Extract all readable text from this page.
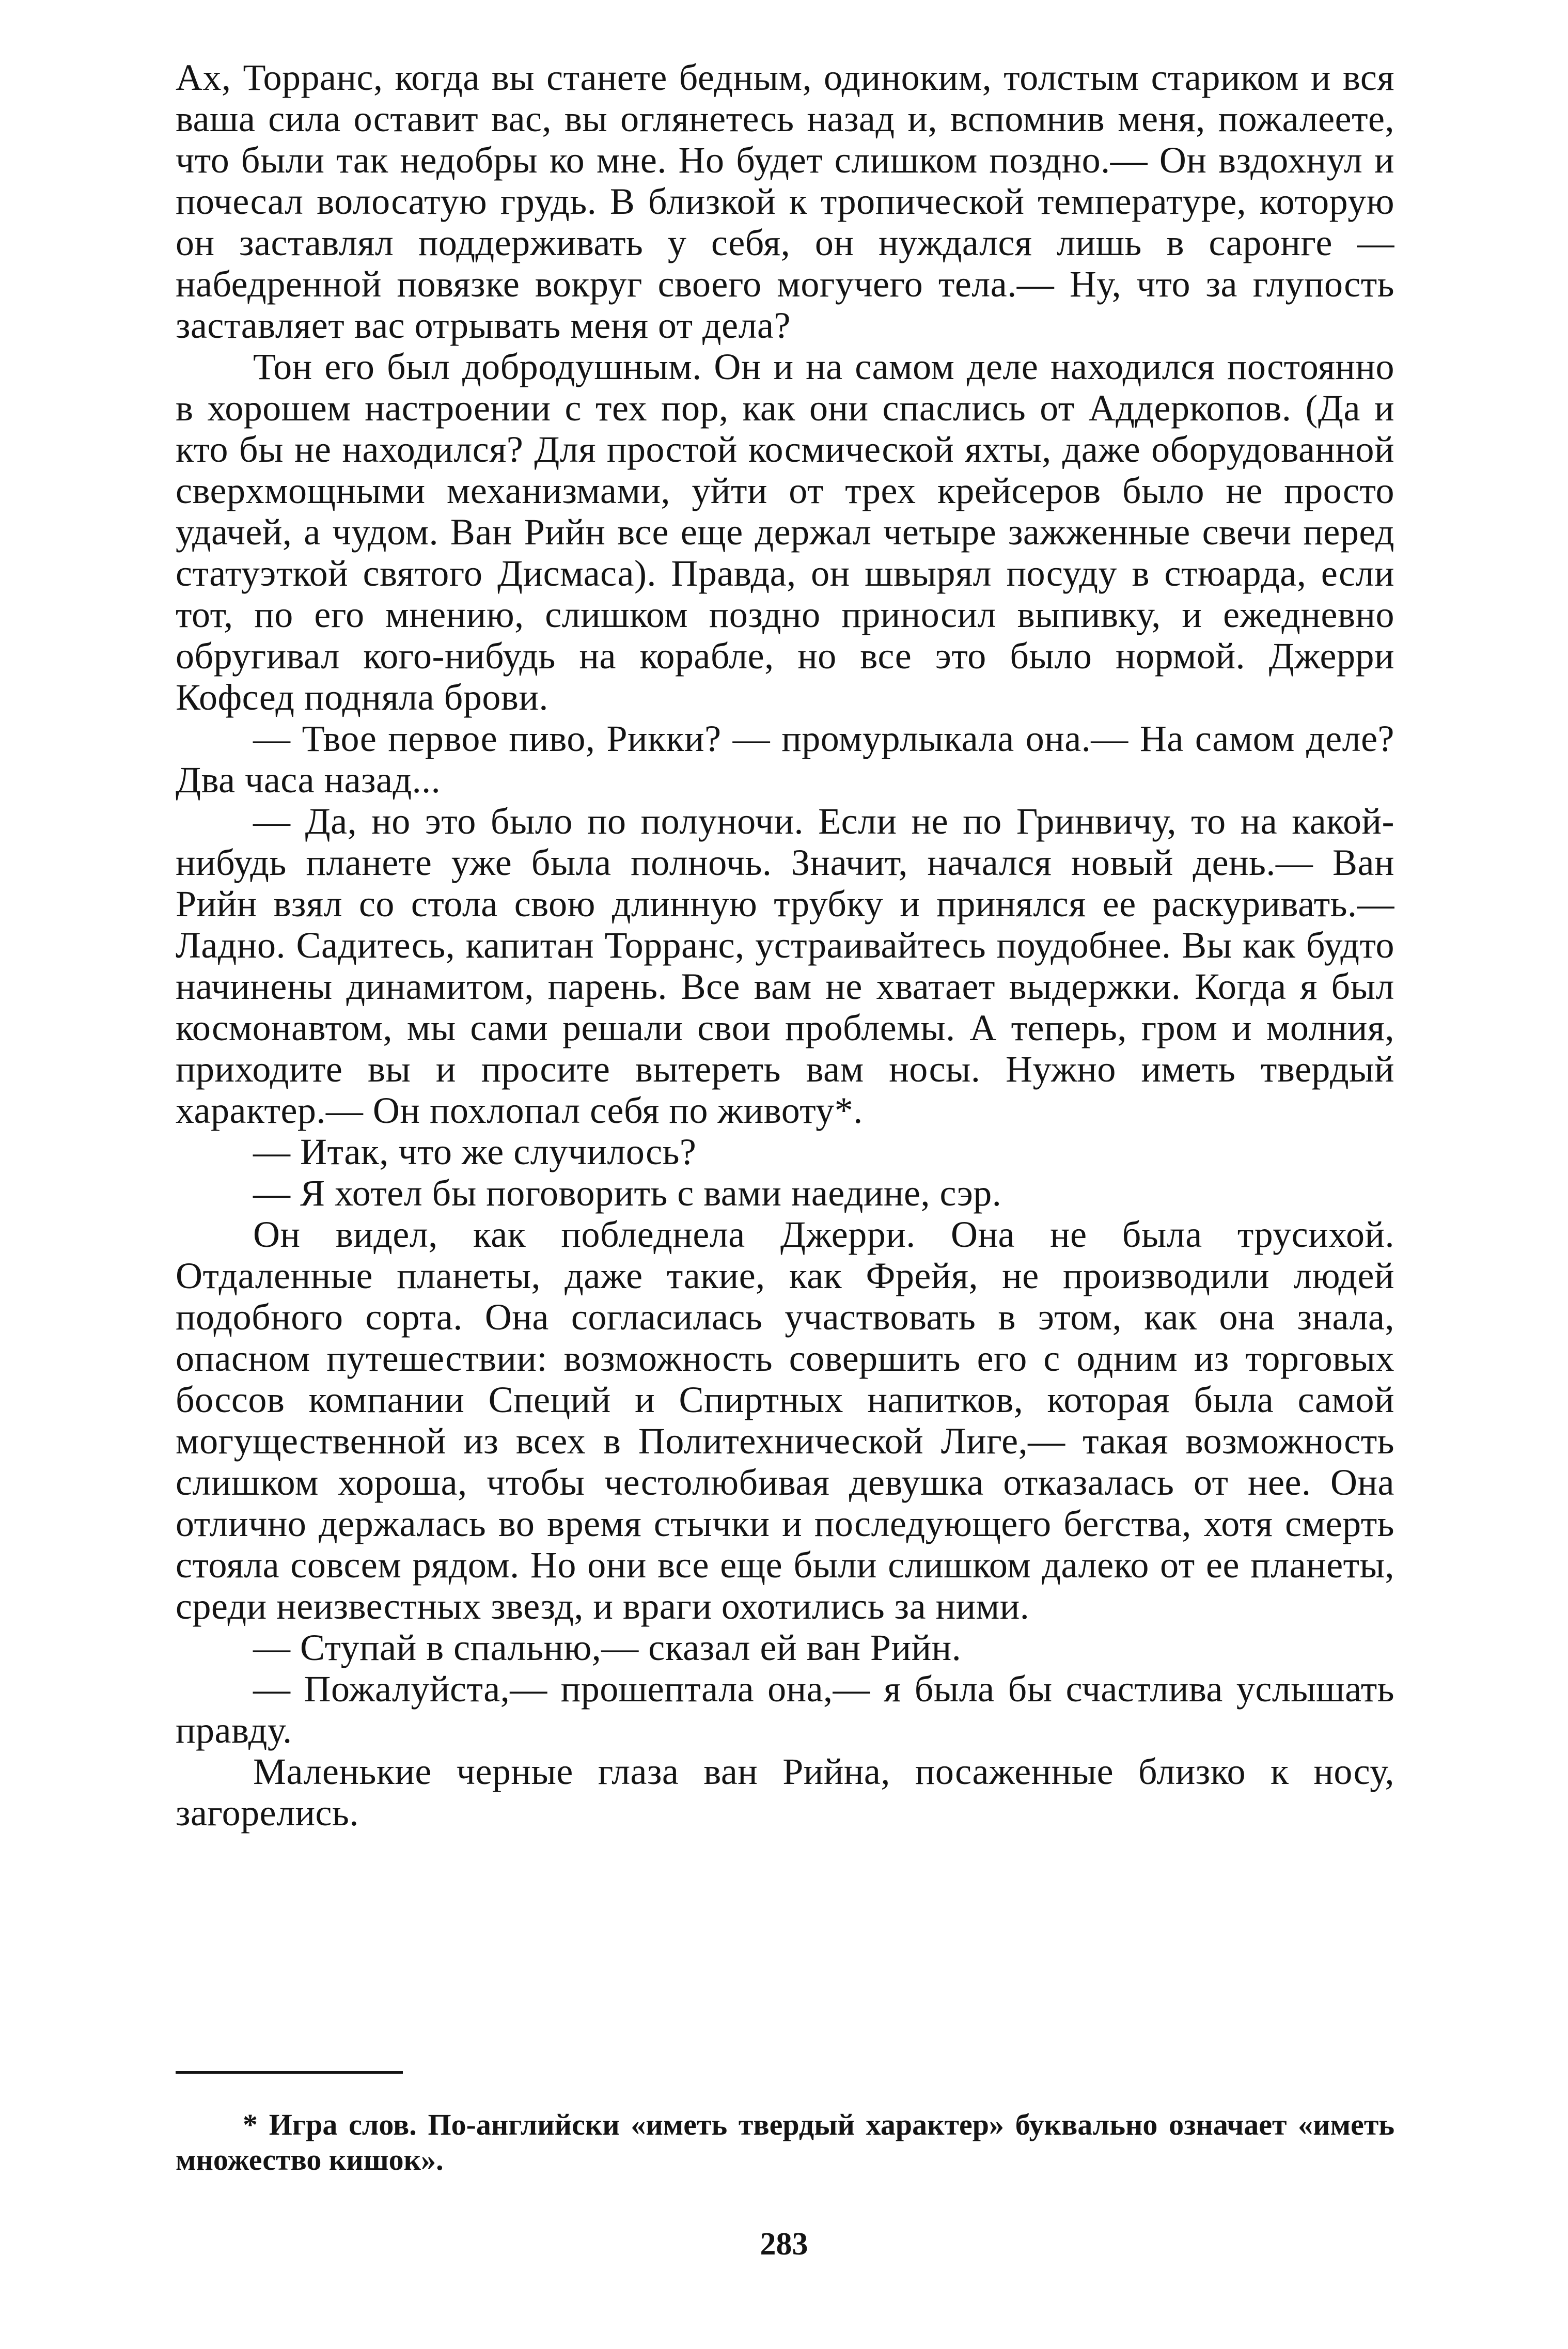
Ах, Торранс, когда вы станете бедным, одиноким, толстым стариком и вся ваша сила оставит вас, вы оглянетесь назад и, вспомнив меня, пожалеете, что были так недобры ко мне. Но будет слишком поздно.— Он вздохнул и почесал волосатую грудь. В близкой к тропической температуре, которую он заставлял поддерживать у себя, он нуждался лишь в саронге — набедренной повязке вокруг своего могучего тела.— Ну, что за глупость заставляет вас отрывать меня от дела?

Тон его был добродушным. Он и на самом деле находился постоянно в хорошем настроении с тех пор, как они спаслись от Аддеркопов. (Да и кто бы не находился? Для простой космической яхты, даже оборудованной сверхмощными механизмами, уйти от трех крейсеров было не просто удачей, а чудом. Ван Рийн все еще держал четыре зажженные свечи перед статуэткой святого Дисмаса). Правда, он швырял посуду в стюарда, если тот, по его мнению, слишком поздно приносил выпивку, и ежедневно обругивал кого-нибудь на корабле, но все это было нормой. Джерри Кофсед подняла брови.

— Твое первое пиво, Рикки? — промурлыкала она.— На самом деле? Два часа назад...

— Да, но это было по полуночи. Если не по Гринвичу, то на какой-нибудь планете уже была полночь. Значит, начался новый день.— Ван Рийн взял со стола свою длинную трубку и принялся ее раскуривать.— Ладно. Садитесь, капитан Торранс, устраивайтесь поудобнее. Вы как будто начинены динамитом, парень. Все вам не хватает выдержки. Когда я был космонавтом, мы сами решали свои проблемы. А теперь, гром и молния, приходите вы и просите вытереть вам носы. Нужно иметь твердый характер.— Он похлопал себя по животу*.

— Итак, что же случилось?

— Я хотел бы поговорить с вами наедине, сэр.

Он видел, как побледнела Джерри. Она не была трусихой. Отдаленные планеты, даже такие, как Фрейя, не производили людей подобного сорта. Она согласилась участвовать в этом, как она знала, опасном путешествии: возможность совершить его с одним из торговых боссов компании Специй и Спиртных напитков, которая была самой могущественной из всех в Политехнической Лиге,— такая возможность слишком хороша, чтобы честолюбивая девушка отказалась от нее. Она отлично держалась во время стычки и последующего бегства, хотя смерть стояла совсем рядом. Но они все еще были слишком далеко от ее планеты, среди неизвестных звезд, и враги охотились за ними.

— Ступай в спальню,— сказал ей ван Рийн.

— Пожалуйста,— прошептала она,— я была бы счастлива услышать правду.

Маленькие черные глаза ван Рийна, посаженные близко к носу, загорелись.

* Игра слов. По-английски «иметь твердый характер» буквально означает «иметь множество кишок».

283
